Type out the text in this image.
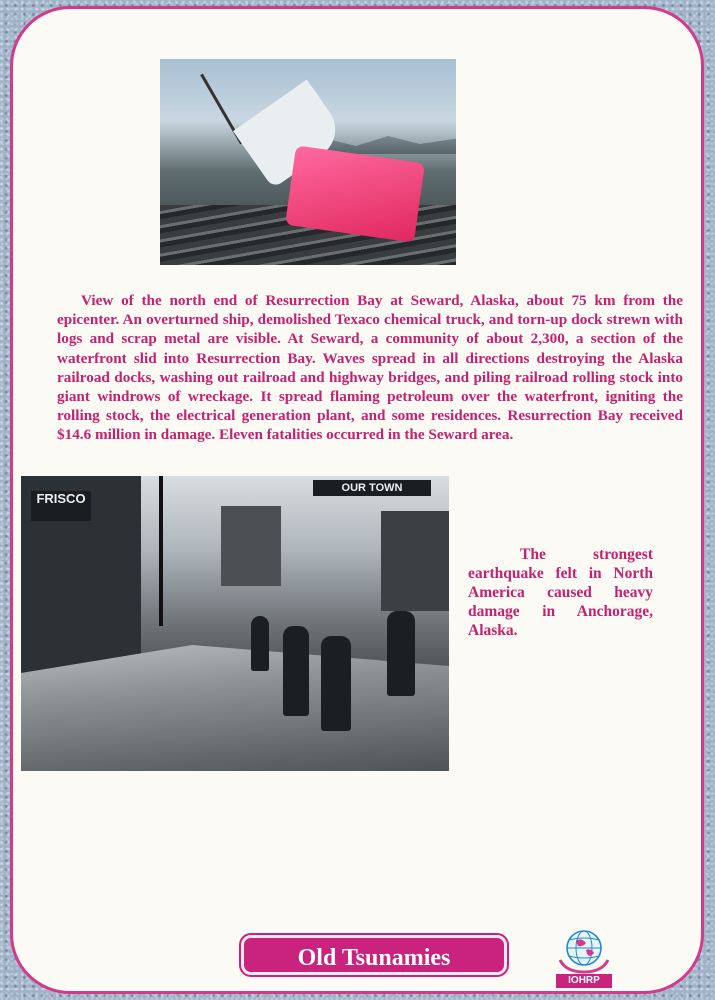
View of the north end of Resurrection Bay at Seward, Alaska, about 75 km from the epicenter. An overturned ship, demolished Texaco chemical truck, and torn-up dock strewn with logs and scrap metal are visible. At Seward, a community of about 2,300, a section of the waterfront slid into Resurrection Bay. Waves spread in all directions destroying the Alaska railroad docks, washing out railroad and highway bridges, and piling railroad rolling stock into giant windrows of wreckage. It spread flaming petroleum over the waterfront, igniting the rolling stock, the electrical generation plant, and some residences. Resurrection Bay received $14.6 million in damage. Eleven fatalities occurred in the Seward area.

FRISCO
OUR TOWN

The strongest earthquake felt in North America caused heavy damage in Anchorage, Alaska.

Old Tsunamies
IOHRP
